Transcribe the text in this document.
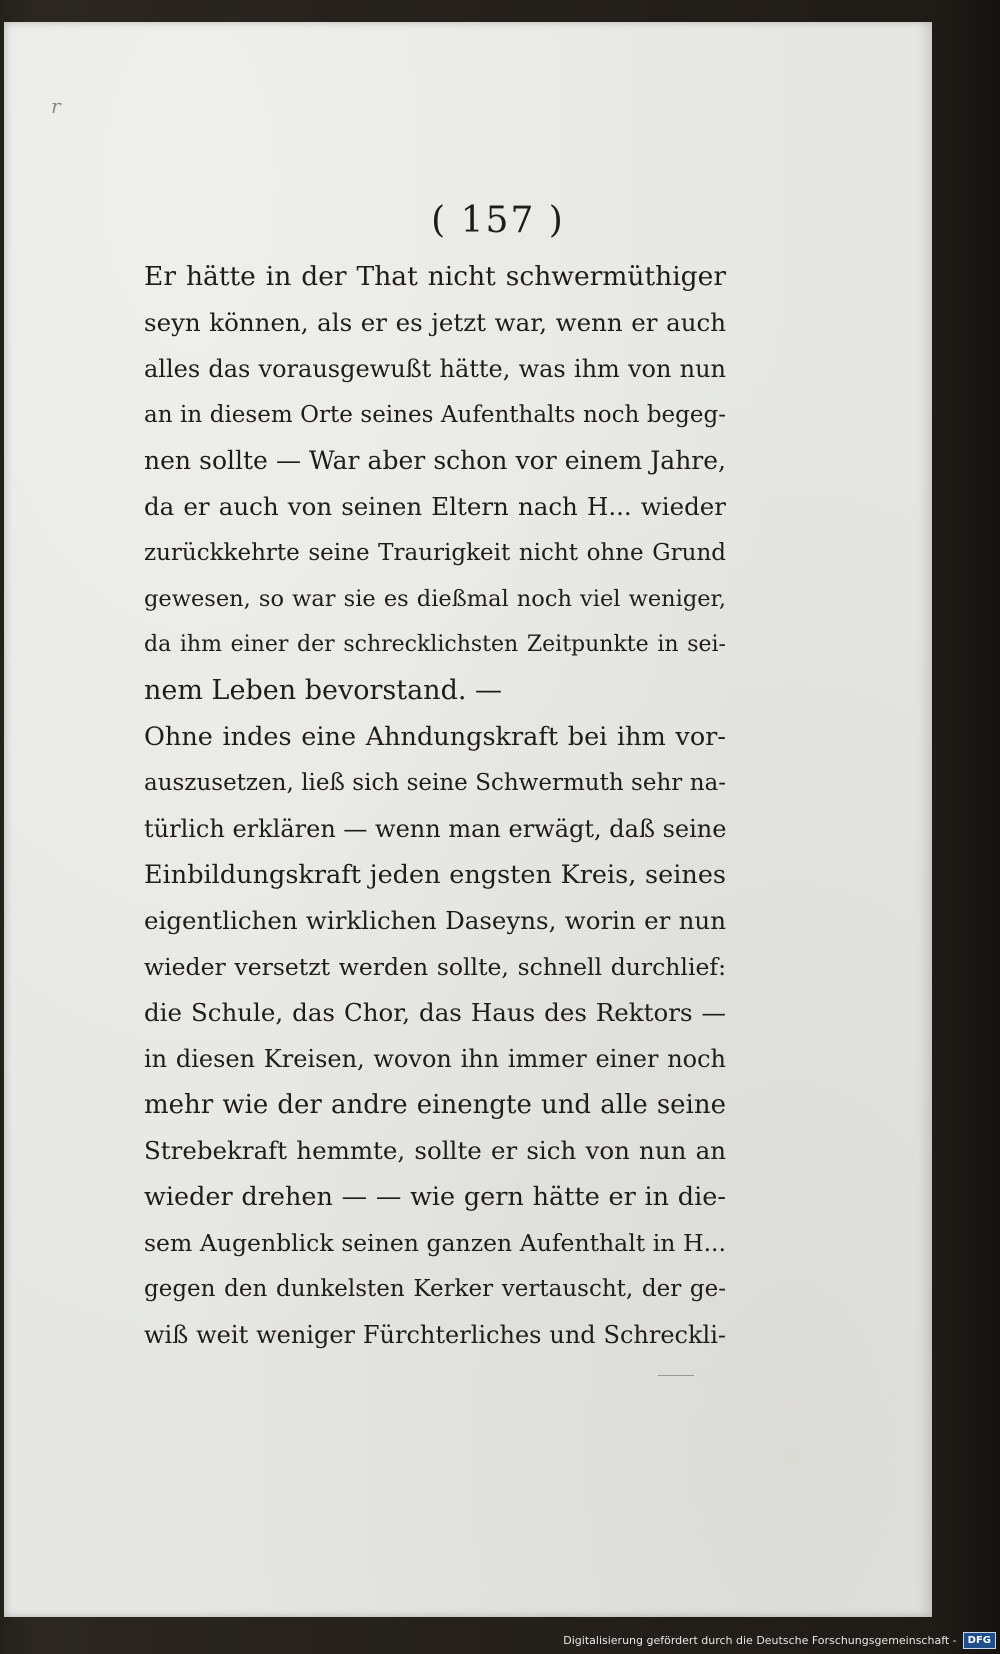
r
( 157 )
Er hätte in der That nicht schwermüthiger
seyn können, als er es jetzt war, wenn er auch
alles das vorausgewußt hätte, was ihm von nun
an in diesem Orte seines Aufenthalts noch begeg-
nen sollte — War aber schon vor einem Jahre,
da er auch von seinen Eltern nach H... wieder
zurückkehrte seine Traurigkeit nicht ohne Grund
gewesen, so war sie es dießmal noch viel weniger,
da ihm einer der schrecklichsten Zeitpunkte in sei-
nem Leben bevorstand. —
Ohne indes eine Ahndungskraft bei ihm vor-
auszusetzen, ließ sich seine Schwermuth sehr na-
türlich erklären — wenn man erwägt, daß seine
Einbildungskraft jeden engsten Kreis, seines
eigentlichen wirklichen Daseyns, worin er nun
wieder versetzt werden sollte, schnell durchlief:
die Schule, das Chor, das Haus des Rektors —
in diesen Kreisen, wovon ihn immer einer noch
mehr wie der andre einengte und alle seine
Strebekraft hemmte, sollte er sich von nun an
wieder drehen — — wie gern hätte er in die-
sem Augenblick seinen ganzen Aufenthalt in H...
gegen den dunkelsten Kerker vertauscht, der ge-
wiß weit weniger Fürchterliches und Schreckli-
Digitalisierung gefördert durch die Deutsche Forschungsgemeinschaft -	DFG
